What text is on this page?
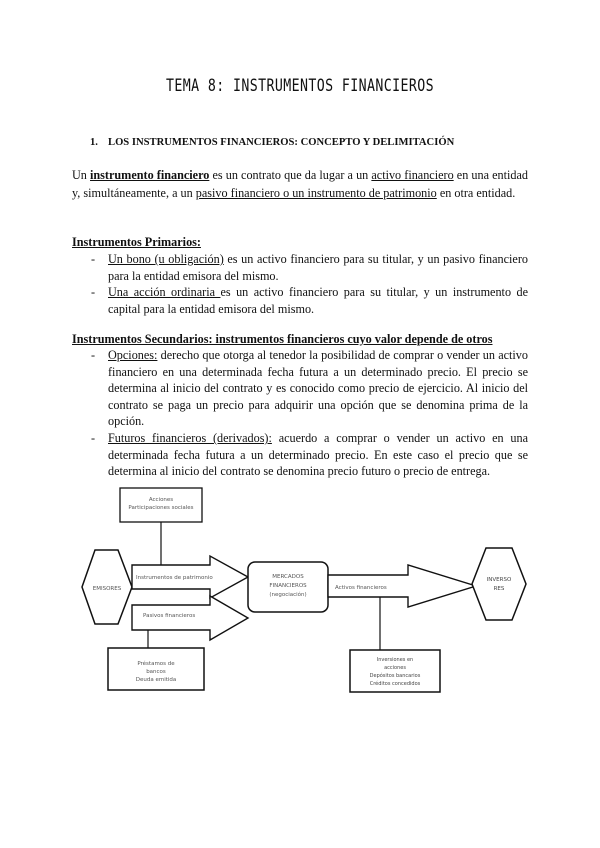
TEMA 8: INSTRUMENTOS FINANCIEROS
1. LOS INSTRUMENTOS FINANCIEROS: CONCEPTO Y DELIMITACIÓN
Un instrumento financiero es un contrato que da lugar a un activo financiero en una entidad y, simultáneamente, a un pasivo financiero o un instrumento de patrimonio en otra entidad.
Instrumentos Primarios:
- Un bono (u obligación) es un activo financiero para su titular, y un pasivo financiero para la entidad emisora del mismo.
- Una acción ordinaria es un activo financiero para su titular, y un instrumento de capital para la entidad emisora del mismo.
Instrumentos Secundarios: instrumentos financieros cuyo valor depende de otros
- Opciones: derecho que otorga al tenedor la posibilidad de comprar o vender un activo financiero en una determinada fecha futura a un determinado precio. El precio se determina al inicio del contrato y es conocido como precio de ejercicio. Al inicio del contrato se paga un precio para adquirir una opción que se denomina prima de la opción.
- Futuros financieros (derivados): acuerdo a comprar o vender un activo en una determinada fecha futura a un determinado precio. En este caso el precio que se determina al inicio del contrato se denomina precio futuro o precio de entrega.
Acciones
Participaciones sociales
EMISORES
Instrumentos de patrimonio
Pasivos financieros
MERCADOS
FINANCIEROS
(negociación)
Activos financieros
INVERSO
RES
Préstamos de
bancos
Deuda emitida
Inversiones en
acciones
Depósitos bancarios
Créditos concedidos
